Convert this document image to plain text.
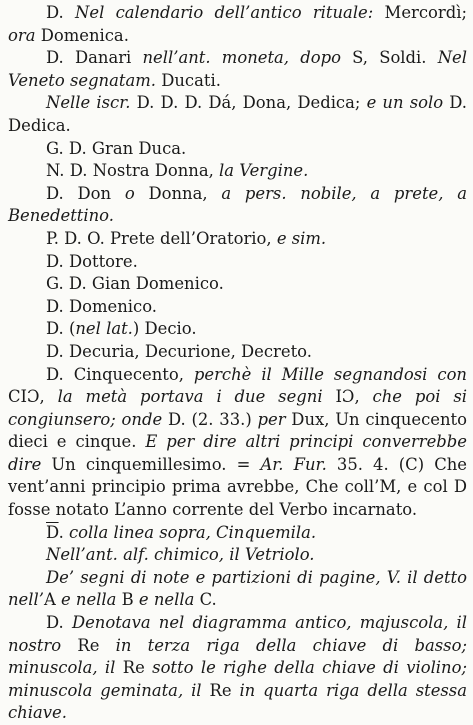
D. Nel calendario dell’antico rituale: Mercordì; ora Domenica.

D. Danari nell’ant. moneta, dopo S, Soldi. Nel Veneto segnatam. Ducati.

Nelle iscr. D. D. D. Dá, Dona, Dedica; e un solo D. Dedica.

G. D. Gran Duca.

N. D. Nostra Donna, la Vergine.

D. Don o Donna, a pers. nobile, a prete, a Benedettino.

P. D. O. Prete dell’Oratorio, e sim.

D. Dottore.

G. D. Gian Domenico.

D. Domenico.

D. (nel lat.) Decio.

D. Decuria, Decurione, Decreto.

D. Cinquecento, perchè il Mille segnandosi con CIƆ, la metà portava i due segni IƆ, che poi si congiunsero; onde D. (2. 33.) per Dux, Un cinquecento dieci e cinque. E per dire altri principi converrebbe dire Un cinquemillesimo. = Ar. Fur. 35. 4. (C) Che vent’anni principio prima avrebbe, Che coll’M, e col D fosse notato L’anno corrente del Verbo incarnato.

$\overline{D}$. colla linea sopra, Cinquemila.

Nell’ant. alf. chimico, il Vetriolo.

De’ segni di note e partizioni di pagine, V. il detto nell’A e nella B e nella C.

D. Denotava nel diagramma antico, majuscola, il nostro Re in terza riga della chiave di basso; minuscola, il Re sotto le righe della chiave di violino; minuscola geminata, il Re in quarta riga della stessa chiave.
